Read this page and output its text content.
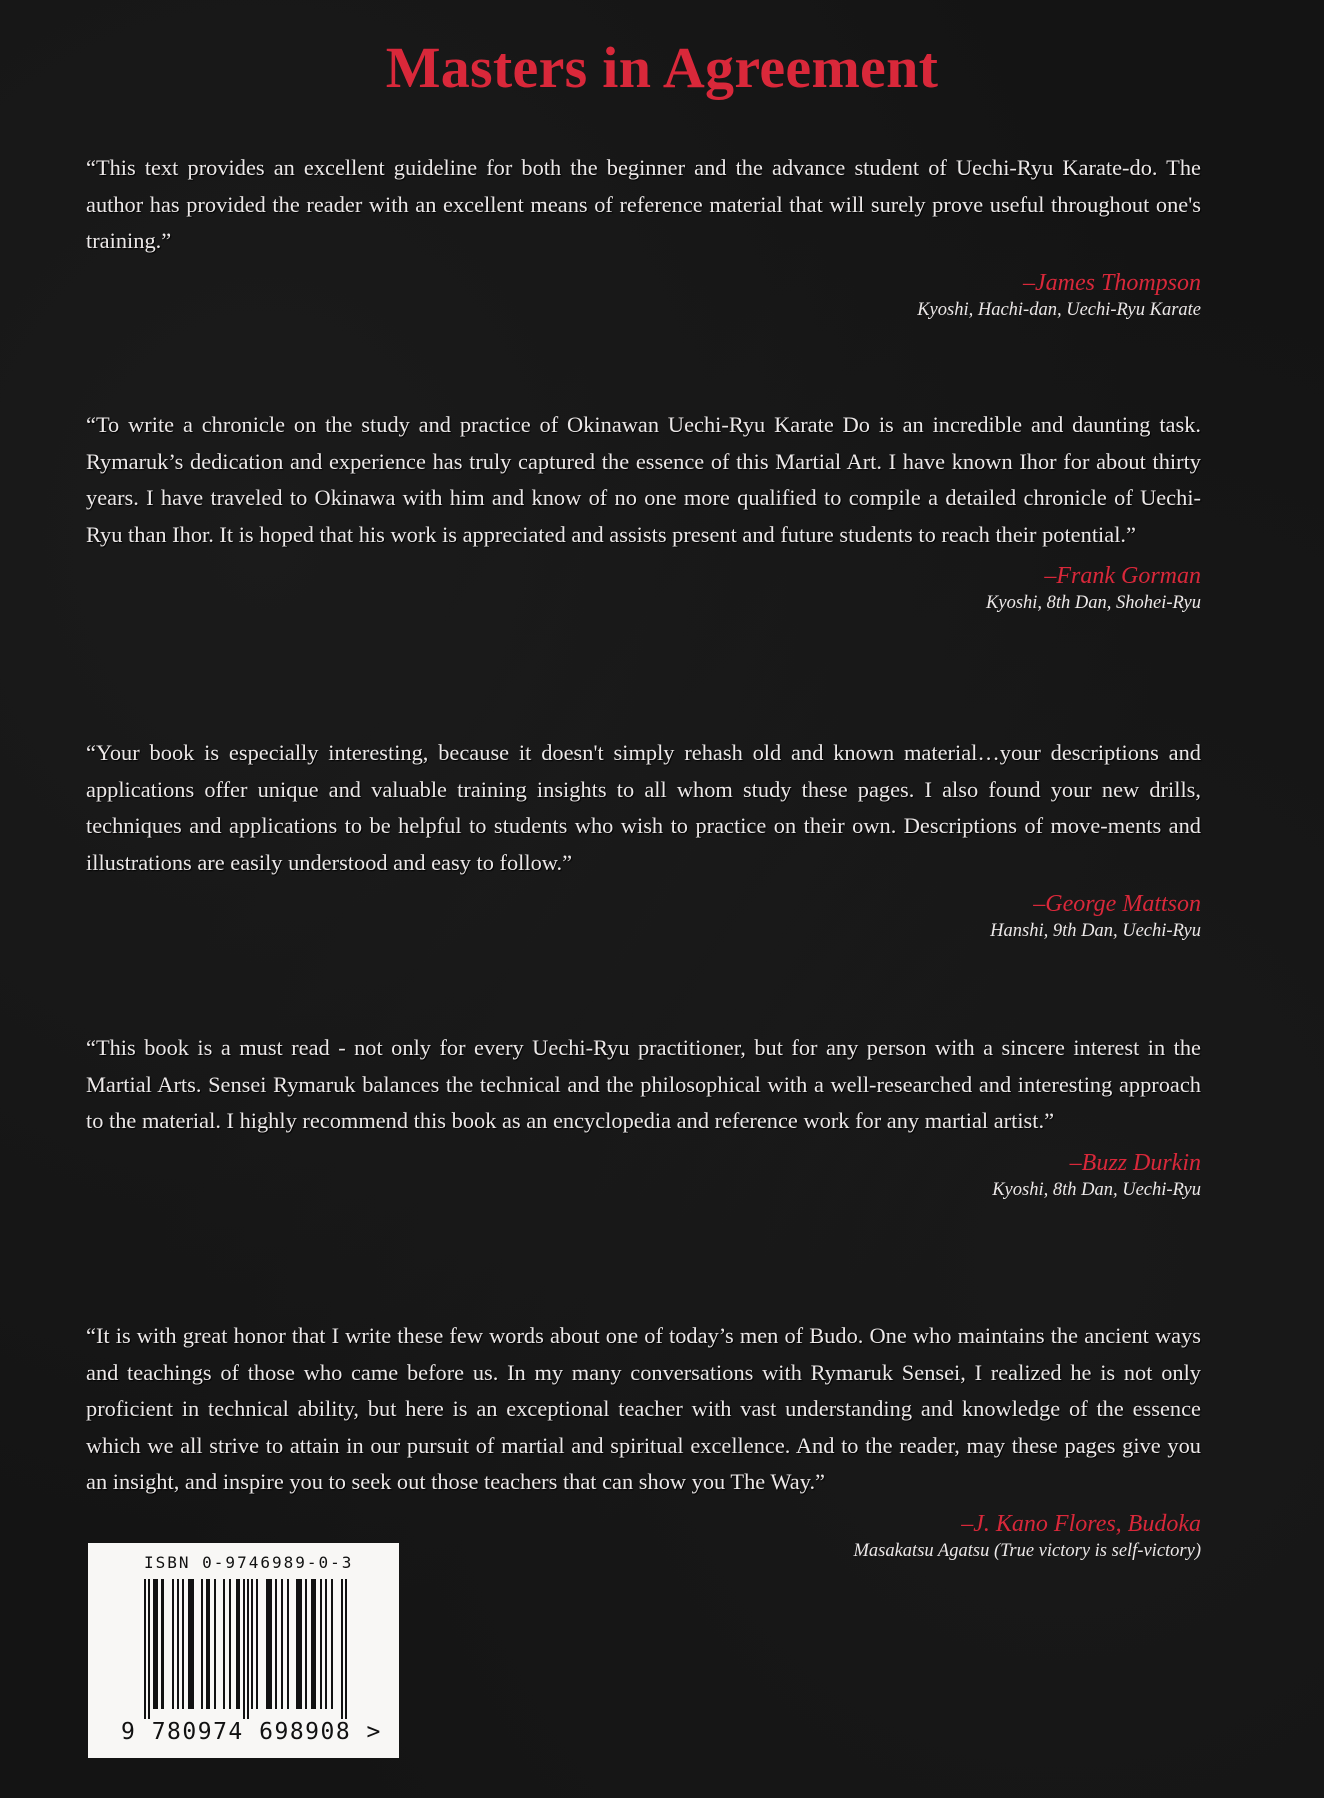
Masters in Agreement
“This text provides an excellent guideline for both the beginner and the advance student of Uechi-Ryu Karate-do. The author has provided the reader with an excellent means of reference material that will surely prove useful throughout one's training.”
–James Thompson
Kyoshi, Hachi-dan, Uechi-Ryu Karate
“To write a chronicle on the study and practice of Okinawan Uechi-Ryu Karate Do is an incredible and daunting task. Rymaruk’s dedication and experience has truly captured the essence of this Martial Art. I have known Ihor for about thirty years. I have traveled to Okinawa with him and know of no one more qualified to compile a detailed chronicle of Uechi-Ryu than Ihor. It is hoped that his work is appreciated and assists present and future students to reach their potential.”
–Frank Gorman
Kyoshi, 8th Dan, Shohei-Ryu
“Your book is especially interesting, because it doesn't simply rehash old and known material…your descriptions and applications offer unique and valuable training insights to all whom study these pages. I also found your new drills, techniques and applications to be helpful to students who wish to practice on their own. Descriptions of move-ments and illustrations are easily understood and easy to follow.”
–George Mattson
Hanshi, 9th Dan, Uechi-Ryu
“This book is a must read - not only for every Uechi-Ryu practitioner, but for any person with a sincere interest in the Martial Arts. Sensei Rymaruk balances the technical and the philosophical with a well-researched and interesting approach to the material. I highly recommend this book as an encyclopedia and reference work for any martial artist.”
–Buzz Durkin
Kyoshi, 8th Dan, Uechi-Ryu
“It is with great honor that I write these few words about one of today’s men of Budo. One who maintains the ancient ways and teachings of those who came before us. In my many conversations with Rymaruk Sensei, I realized he is not only proficient in technical ability, but here is an exceptional teacher with vast understanding and knowledge of the essence which we all strive to attain in our pursuit of martial and spiritual excellence. And to the reader, may these pages give you an insight, and inspire you to seek out those teachers that can show you The Way.”
–J. Kano Flores, Budoka
Masakatsu Agatsu (True victory is self-victory)
ISBN 0-9746989-0-3
9 780974 698908 >
